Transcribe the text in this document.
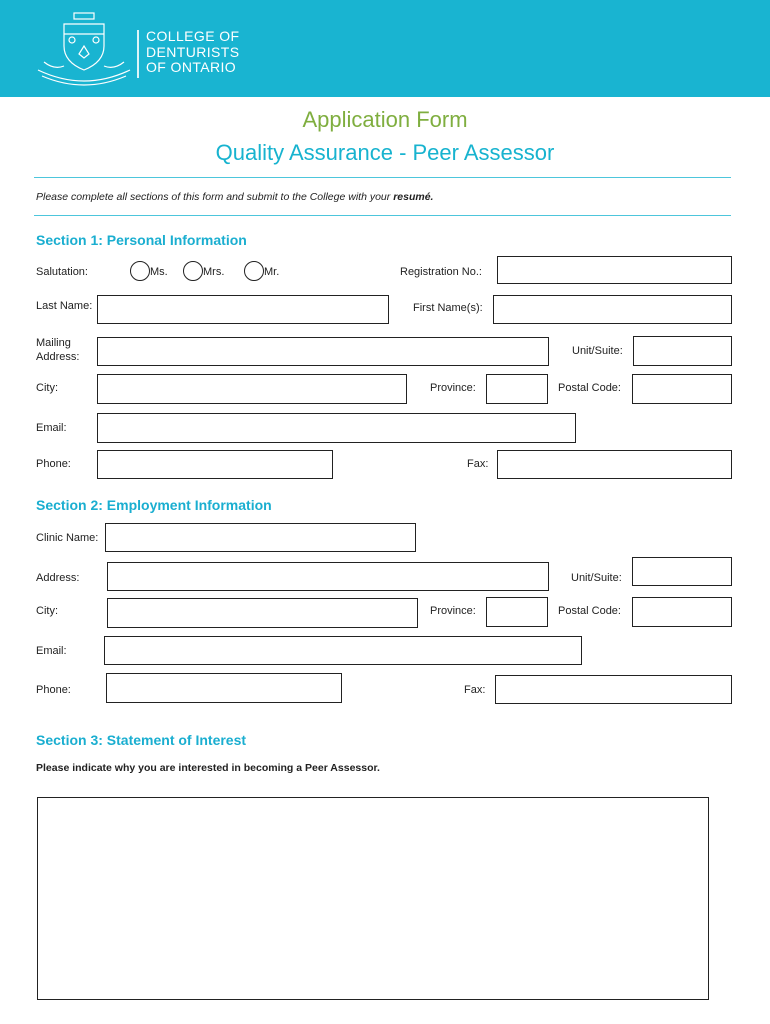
COLLEGE OF
DENTURISTS
OF ONTARIO
Application Form
Quality Assurance - Peer Assessor
Please complete all sections of this form and submit to the College with your resumé.
Section 1: Personal Information
Salutation:	Ms.	Mrs.	Mr.	Registration No.:
Last Name:	First Name(s):
Mailing
Address:	Unit/Suite:
City:	Province:	Postal Code:
Email:
Phone:	Fax:
Section 2: Employment Information
Clinic Name:
Address:	Unit/Suite:
City:	Province:	Postal Code:
Email:
Phone:	Fax:
Section 3: Statement of Interest
Please indicate why you are interested in becoming a Peer Assessor.
